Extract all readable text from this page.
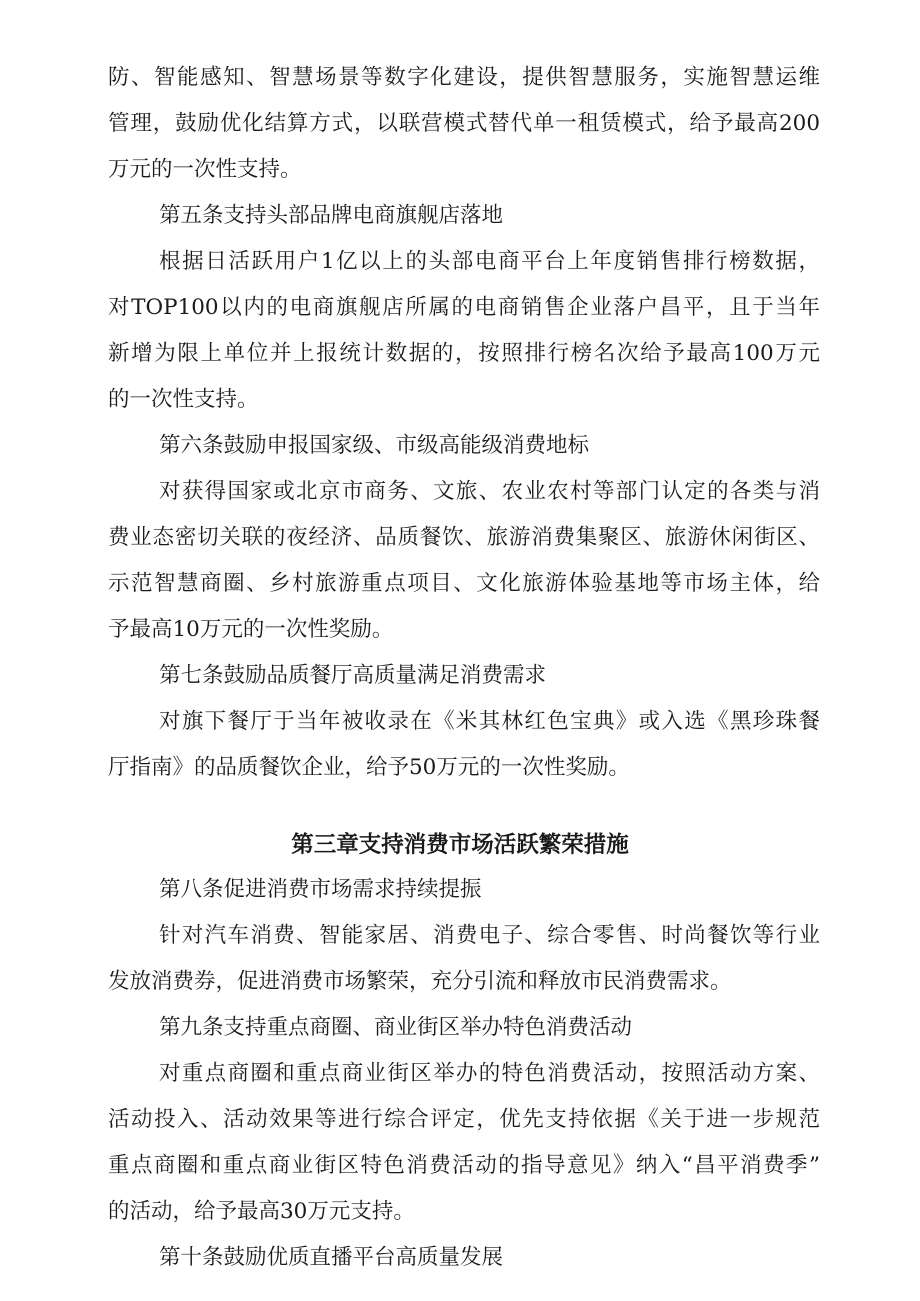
防、智能感知、智慧场景等数字化建设，提供智慧服务，实施智慧运维
管理，鼓励优化结算方式，以联营模式替代单一租赁模式，给予最高200
万元的一次性支持。
第五条支持头部品牌电商旗舰店落地
根据日活跃用户1亿以上的头部电商平台上年度销售排行榜数据，
对TOP100以内的电商旗舰店所属的电商销售企业落户昌平，且于当年
新增为限上单位并上报统计数据的，按照排行榜名次给予最高100万元
的一次性支持。
第六条鼓励申报国家级、市级高能级消费地标
对获得国家或北京市商务、文旅、农业农村等部门认定的各类与消
费业态密切关联的夜经济、品质餐饮、旅游消费集聚区、旅游休闲街区、
示范智慧商圈、乡村旅游重点项目、文化旅游体验基地等市场主体，给
予最高10万元的一次性奖励。
第七条鼓励品质餐厅高质量满足消费需求
对旗下餐厅于当年被收录在《米其林红色宝典》或入选《黑珍珠餐
厅指南》的品质餐饮企业，给予50万元的一次性奖励。
第三章支持消费市场活跃繁荣措施
第八条促进消费市场需求持续提振
针对汽车消费、智能家居、消费电子、综合零售、时尚餐饮等行业
发放消费券，促进消费市场繁荣，充分引流和释放市民消费需求。
第九条支持重点商圈、商业街区举办特色消费活动
对重点商圈和重点商业街区举办的特色消费活动，按照活动方案、
活动投入、活动效果等进行综合评定，优先支持依据《关于进一步规范
重点商圈和重点商业街区特色消费活动的指导意见》纳入“昌平消费季”
的活动，给予最高30万元支持。
第十条鼓励优质直播平台高质量发展
